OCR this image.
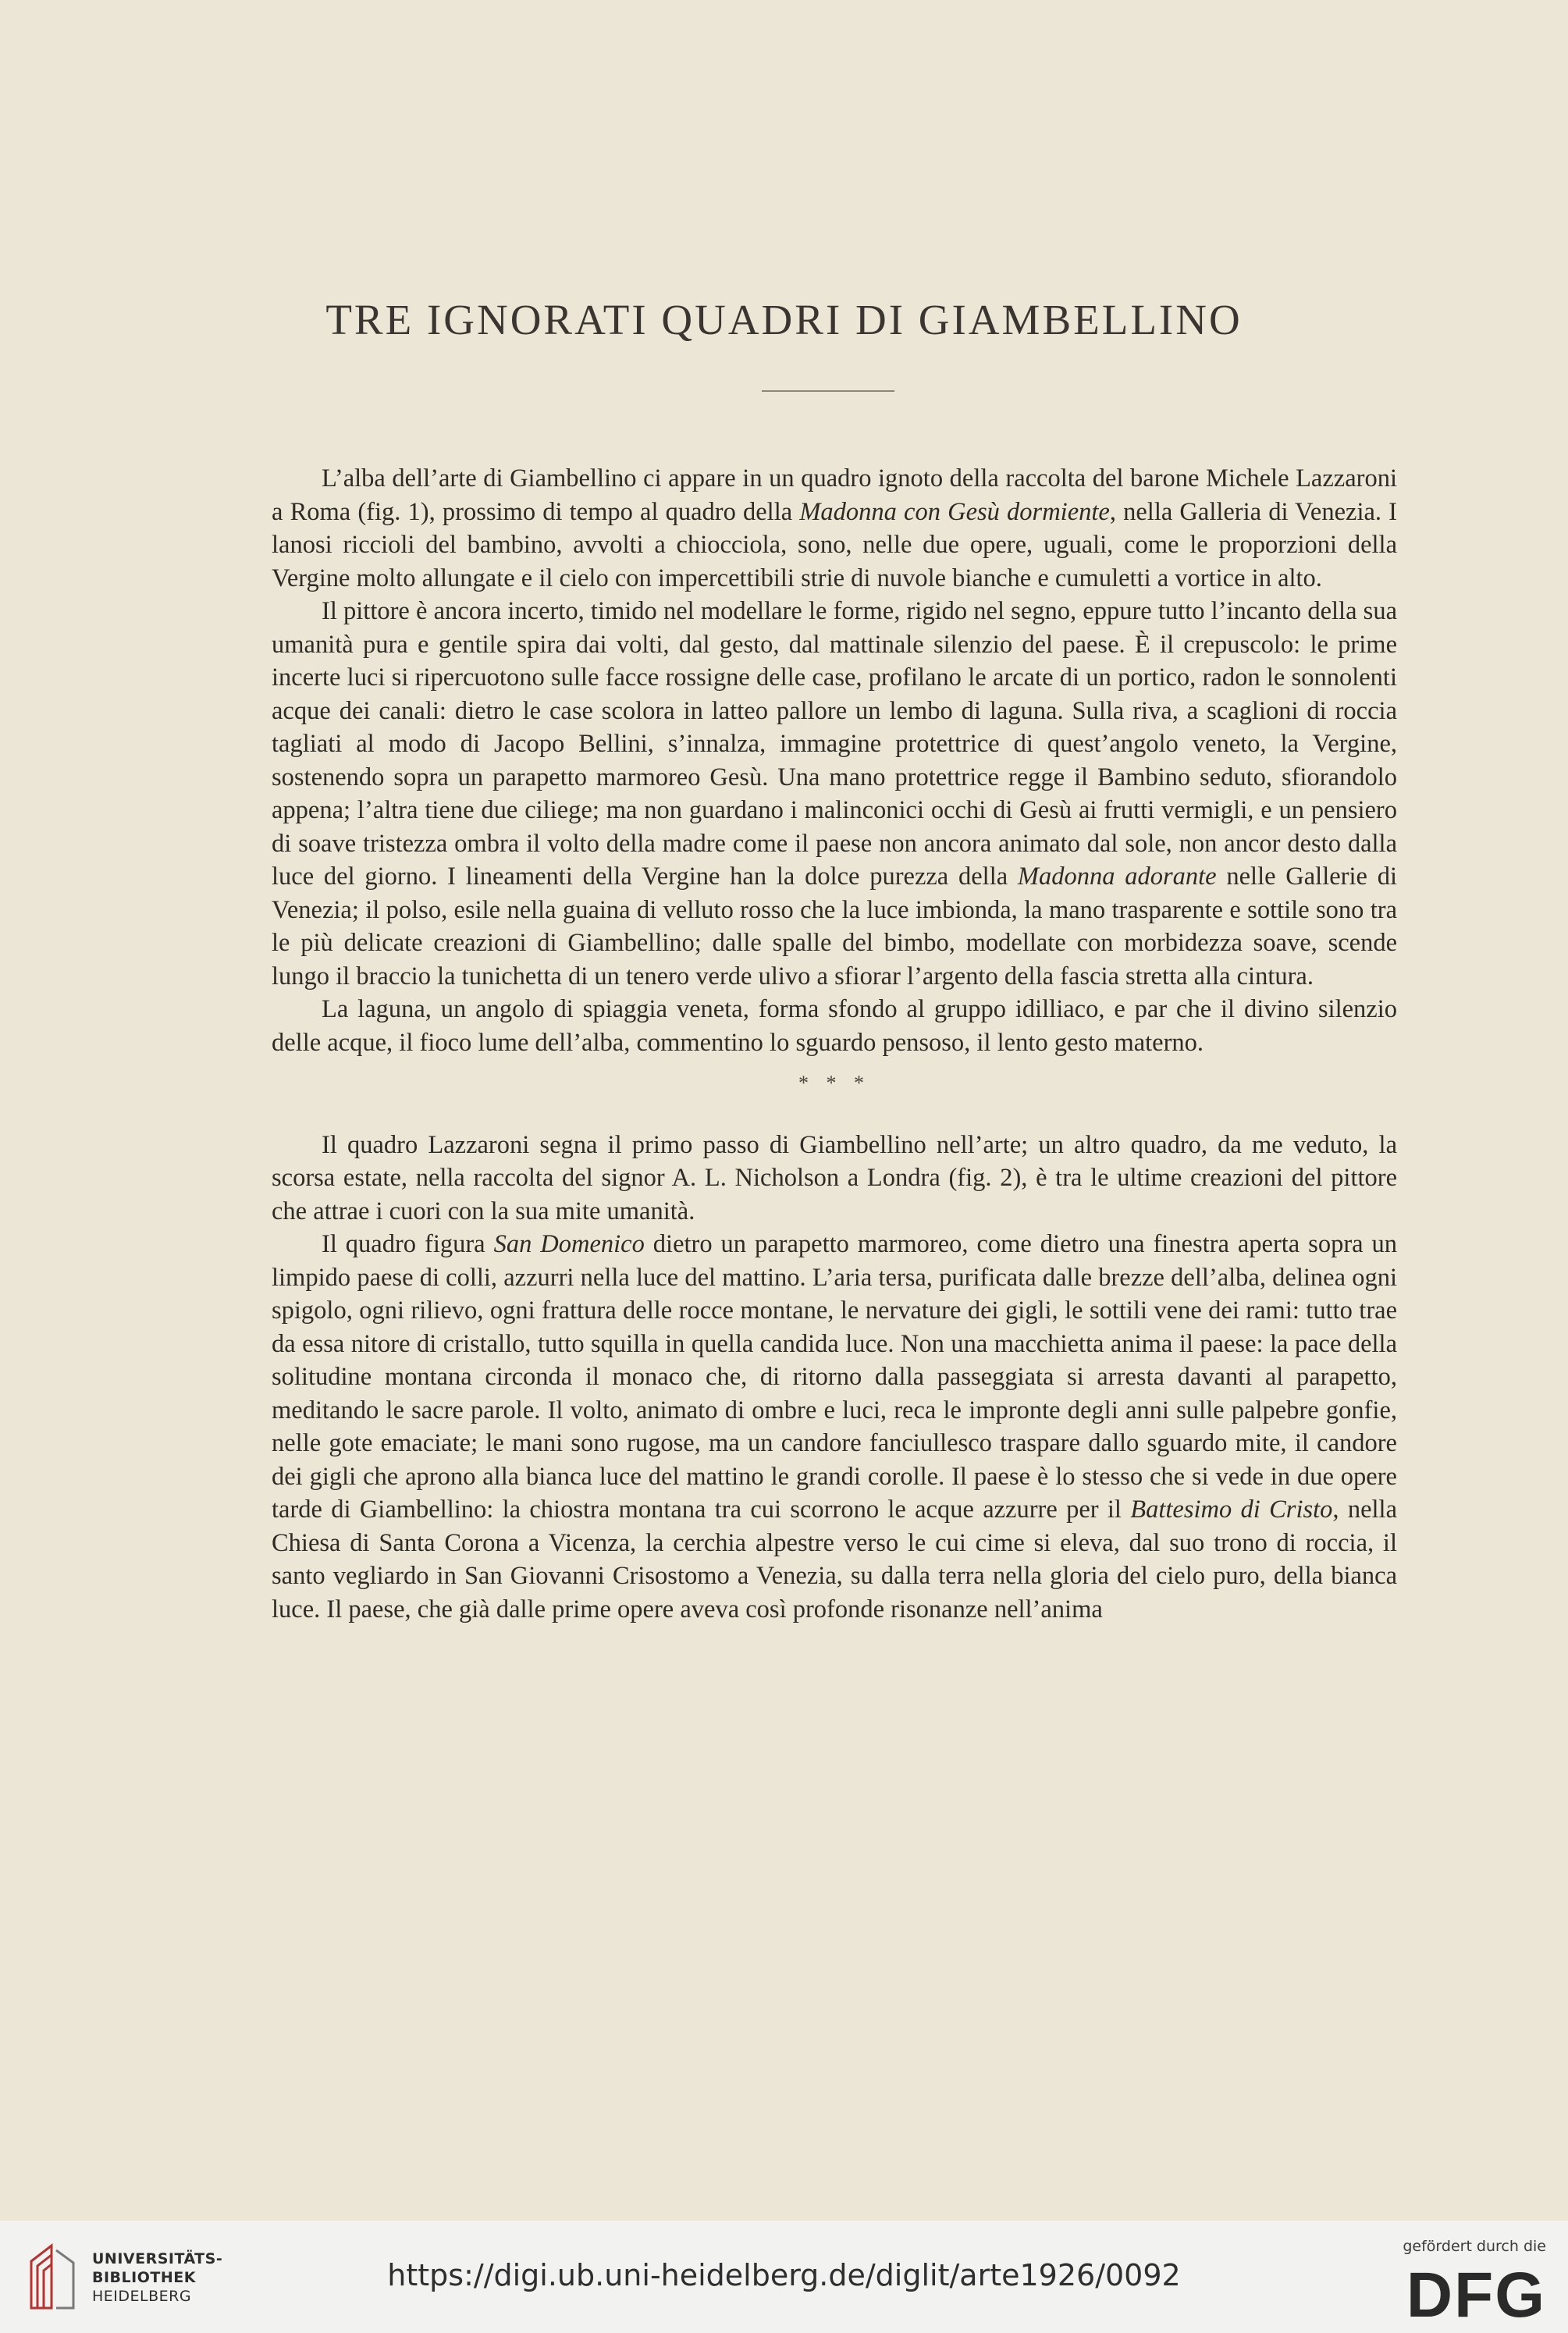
TRE IGNORATI QUADRI DI GIAMBELLINO

L’alba dell’arte di Giambellino ci appare in un quadro ignoto della raccolta del barone Michele Lazzaroni a Roma (fig. 1), prossimo di tempo al quadro della Madonna con Gesù dormiente, nella Galleria di Venezia. I lanosi riccioli del bambino, avvolti a chiocciola, sono, nelle due opere, uguali, come le proporzioni della Vergine molto allungate e il cielo con impercettibili strie di nuvole bianche e cumuletti a vortice in alto.

Il pittore è ancora incerto, timido nel modellare le forme, rigido nel segno, eppure tutto l’incanto della sua umanità pura e gentile spira dai volti, dal gesto, dal mattinale silenzio del paese. È il crepuscolo: le prime incerte luci si ripercuotono sulle facce rossigne delle case, profilano le arcate di un portico, radon le sonnolenti acque dei canali: dietro le case scolora in latteo pallore un lembo di laguna. Sulla riva, a scaglioni di roccia tagliati al modo di Jacopo Bellini, s’innalza, immagine protettrice di quest’angolo veneto, la Vergine, sostenendo sopra un parapetto marmoreo Gesù. Una mano protettrice regge il Bambino seduto, sfiorandolo appena; l’altra tiene due ciliege; ma non guardano i malinconici occhi di Gesù ai frutti vermigli, e un pensiero di soave tristezza ombra il volto della madre come il paese non ancora animato dal sole, non ancor desto dalla luce del giorno. I lineamenti della Vergine han la dolce purezza della Madonna adorante nelle Gallerie di Venezia; il polso, esile nella guaina di velluto rosso che la luce imbionda, la mano trasparente e sottile sono tra le più delicate creazioni di Giambellino; dalle spalle del bimbo, modellate con morbidezza soave, scende lungo il braccio la tunichetta di un tenero verde ulivo a sfiorar l’argento della fascia stretta alla cintura.

La laguna, un angolo di spiaggia veneta, forma sfondo al gruppo idilliaco, e par che il divino silenzio delle acque, il fioco lume dell’alba, commentino lo sguardo pensoso, il lento gesto materno.

* * *

Il quadro Lazzaroni segna il primo passo di Giambellino nell’arte; un altro quadro, da me veduto, la scorsa estate, nella raccolta del signor A. L. Nicholson a Londra (fig. 2), è tra le ultime creazioni del pittore che attrae i cuori con la sua mite umanità.

Il quadro figura San Domenico dietro un parapetto marmoreo, come dietro una finestra aperta sopra un limpido paese di colli, azzurri nella luce del mattino. L’aria tersa, purificata dalle brezze dell’alba, delinea ogni spigolo, ogni rilievo, ogni frattura delle rocce montane, le nervature dei gigli, le sottili vene dei rami: tutto trae da essa nitore di cristallo, tutto squilla in quella candida luce. Non una macchietta anima il paese: la pace della solitudine montana circonda il monaco che, di ritorno dalla passeggiata si arresta davanti al parapetto, meditando le sacre parole. Il volto, animato di ombre e luci, reca le impronte degli anni sulle palpebre gonfie, nelle gote emaciate; le mani sono rugose, ma un candore fanciullesco traspare dallo sguardo mite, il candore dei gigli che aprono alla bianca luce del mattino le grandi corolle. Il paese è lo stesso che si vede in due opere tarde di Giambellino: la chiostra montana tra cui scorrono le acque azzurre per il Battesimo di Cristo, nella Chiesa di Santa Corona a Vicenza, la cerchia alpestre verso le cui cime si eleva, dal suo trono di roccia, il santo vegliardo in San Giovanni Crisostomo a Venezia, su dalla terra nella gloria del cielo puro, della bianca luce. Il paese, che già dalle prime opere aveva così profonde risonanze nell’anima

UNIVERSITÄTS-
BIBLIOTHEK
HEIDELBERG
https://digi.ub.uni-heidelberg.de/diglit/arte1926/0092
gefördert durch die
DFG
